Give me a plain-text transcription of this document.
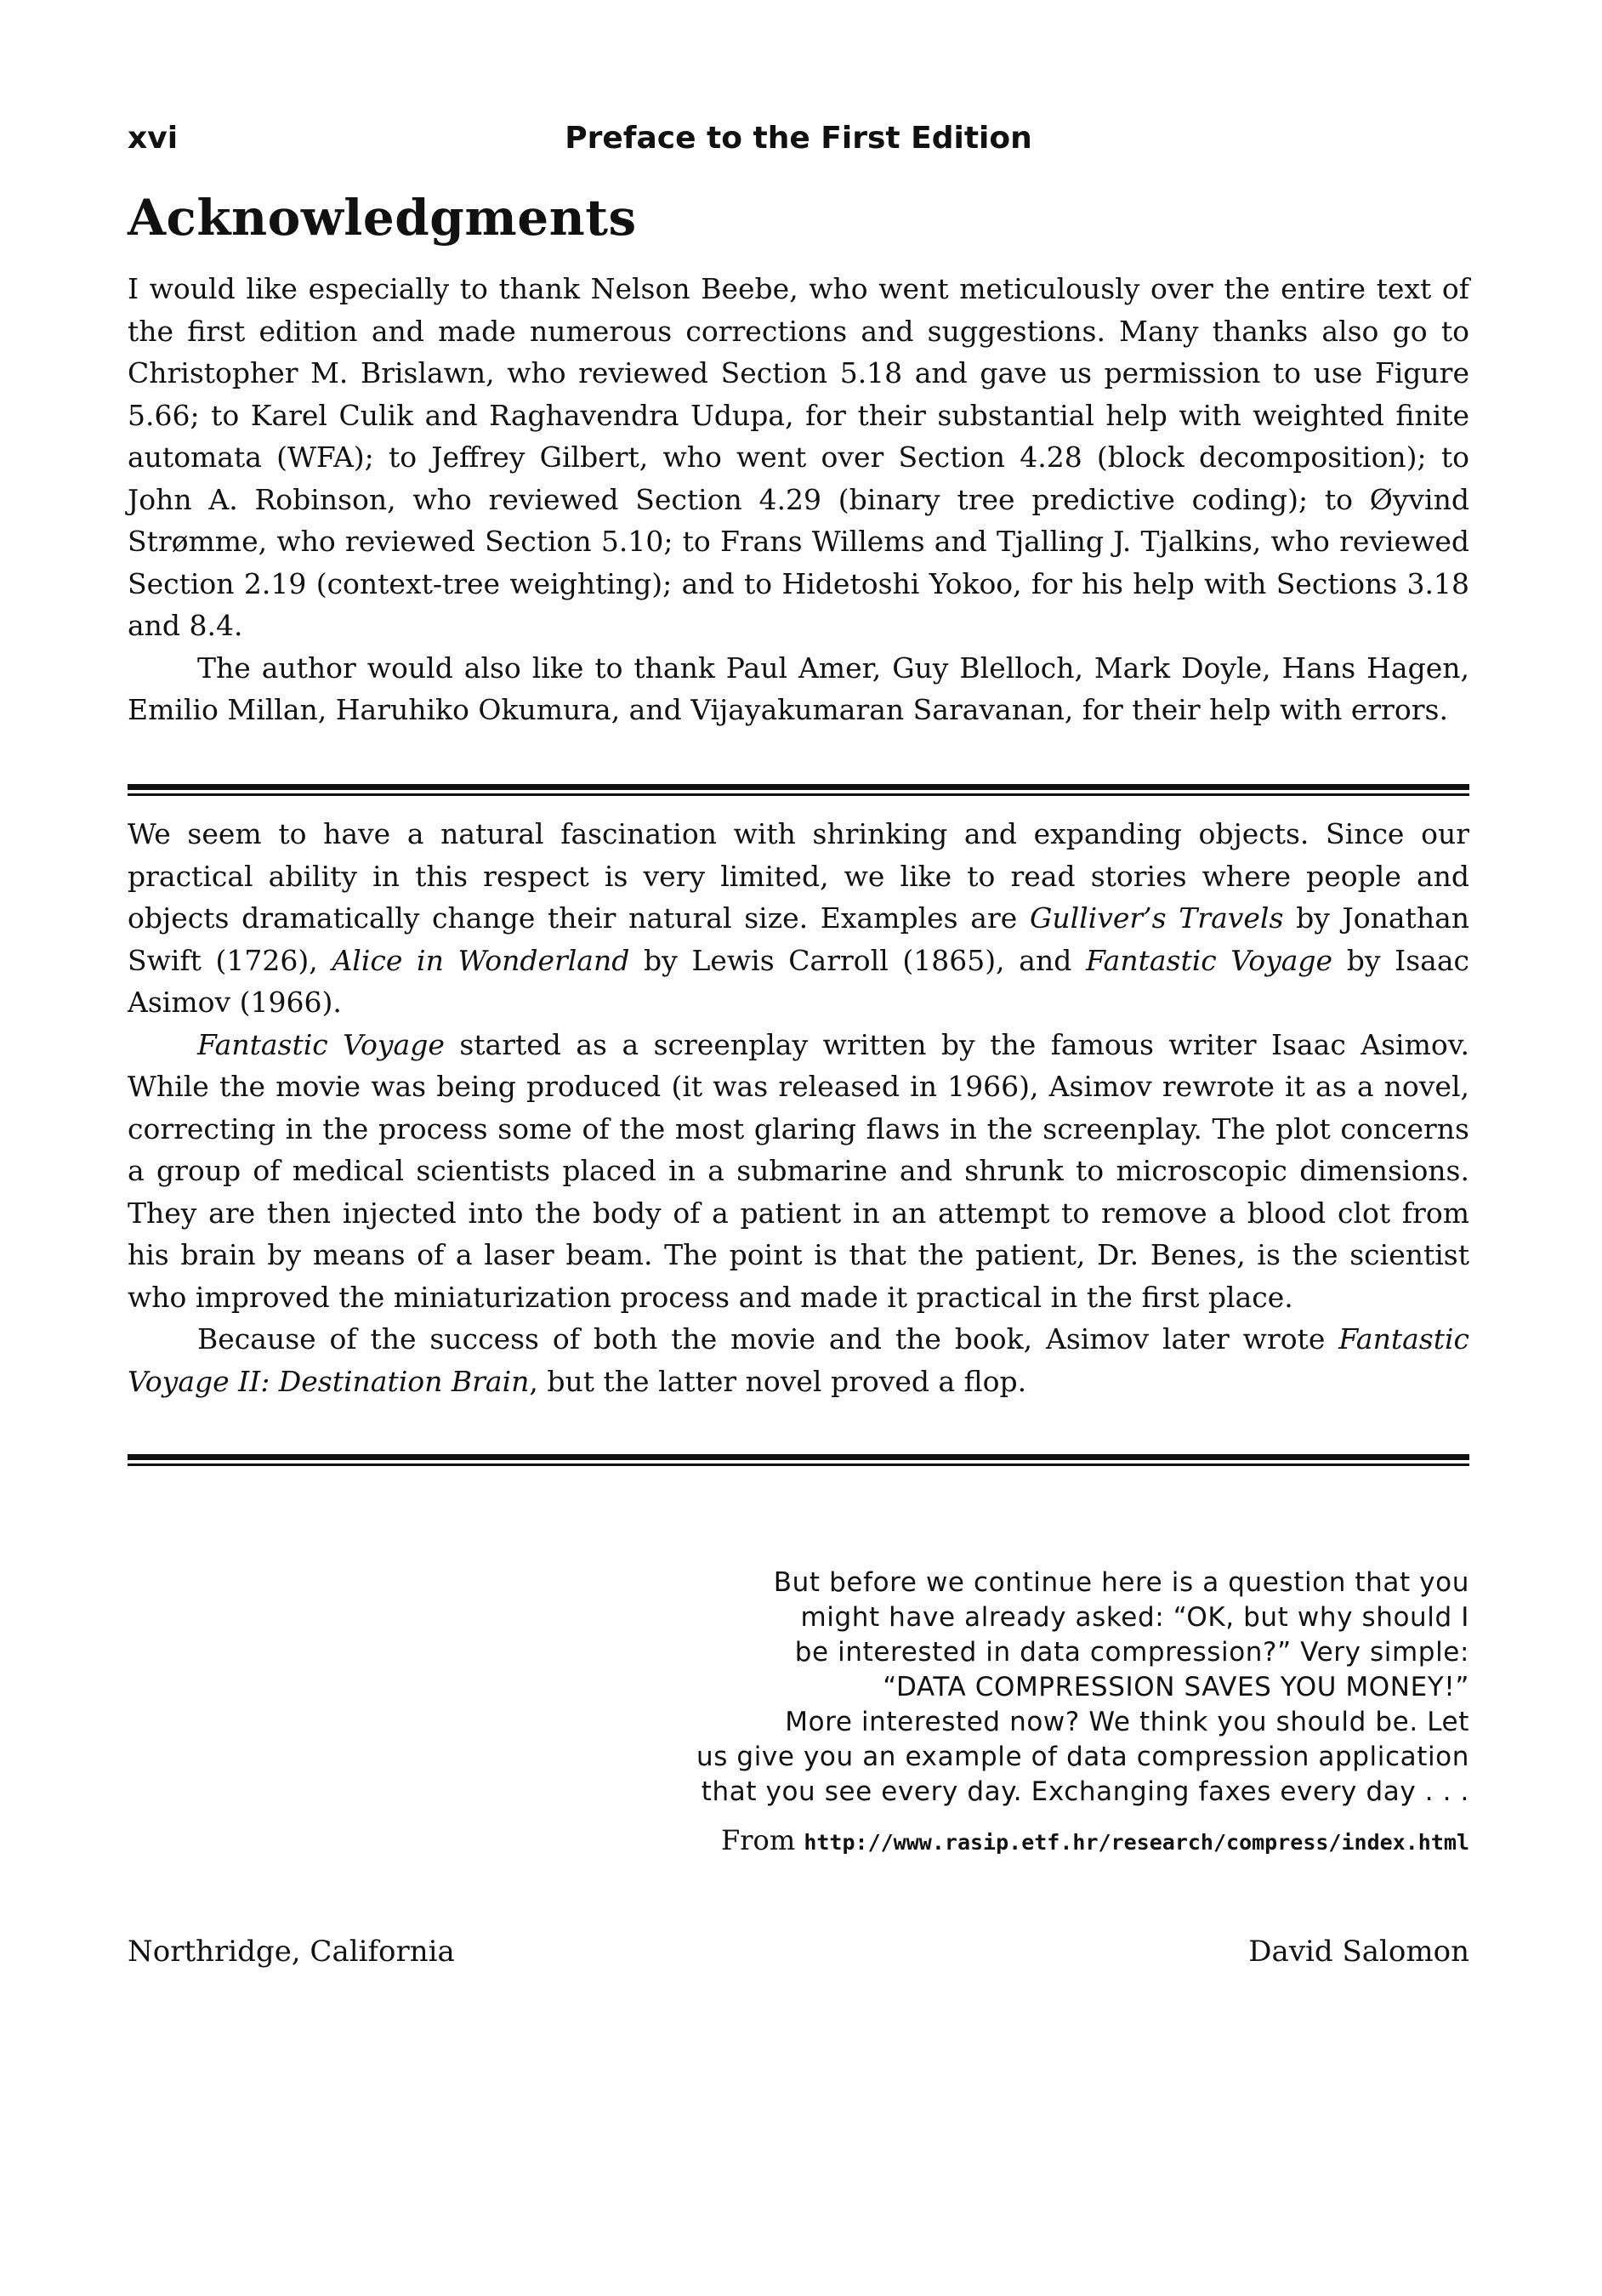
xvi	Preface to the First Edition
Acknowledgments

I would like especially to thank Nelson Beebe, who went meticulously over the entire text of the first edition and made numerous corrections and suggestions. Many thanks also go to Christopher M. Brislawn, who reviewed Section 5.18 and gave us permission to use Figure 5.66; to Karel Culik and Raghavendra Udupa, for their substantial help with weighted finite automata (WFA); to Jeffrey Gilbert, who went over Section 4.28 (block decomposition); to John A. Robinson, who reviewed Section 4.29 (binary tree predictive coding); to Øyvind Strømme, who reviewed Section 5.10; to Frans Willems and Tjalling J. Tjalkins, who reviewed Section 2.19 (context-tree weighting); and to Hidetoshi Yokoo, for his help with Sections 3.18 and 8.4.

The author would also like to thank Paul Amer, Guy Blelloch, Mark Doyle, Hans Hagen, Emilio Millan, Haruhiko Okumura, and Vijayakumaran Saravanan, for their help with errors.

We seem to have a natural fascination with shrinking and expanding objects. Since our practical ability in this respect is very limited, we like to read stories where people and objects dramatically change their natural size. Examples are Gulliver’s Travels by Jonathan Swift (1726), Alice in Wonderland by Lewis Carroll (1865), and Fantastic Voyage by Isaac Asimov (1966).

Fantastic Voyage started as a screenplay written by the famous writer Isaac Asimov. While the movie was being produced (it was released in 1966), Asimov rewrote it as a novel, correcting in the process some of the most glaring flaws in the screenplay. The plot concerns a group of medical scientists placed in a submarine and shrunk to microscopic dimensions. They are then injected into the body of a patient in an attempt to remove a blood clot from his brain by means of a laser beam. The point is that the patient, Dr. Benes, is the scientist who improved the miniaturization process and made it practical in the first place.

Because of the success of both the movie and the book, Asimov later wrote Fantastic Voyage II: Destination Brain, but the latter novel proved a flop.

But before we continue here is a question that you

might have already asked: “OK, but why should I

be interested in data compression?” Very simple:

“DATA COMPRESSION SAVES YOU MONEY!”

More interested now? We think you should be. Let

us give you an example of data compression application

that you see every day. Exchanging faxes every day . . .

From http://www.rasip.etf.hr/research/compress/index.html
Northridge, California	David Salomon
